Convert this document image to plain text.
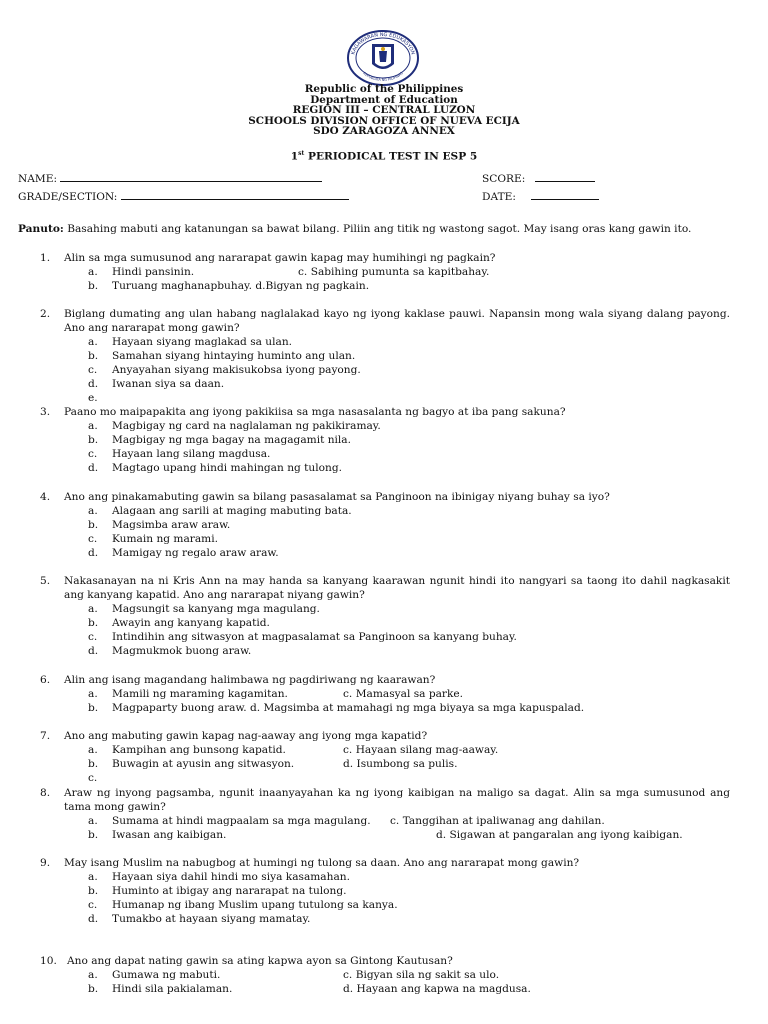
KAGAWARAN NG EDUKASYON
REPUBLIKA NG PILIPINAS
Republic of the Philippines
Department of Education
REGION III – CENTRAL LUZON
SCHOOLS DIVISION OFFICE OF NUEVA ECIJA
SDO ZARAGOZA ANNEX
1st PERIODICAL TEST IN ESP 5
NAME:
GRADE/SECTION:
SCORE:
DATE:
Panuto: Basahing mabuti ang katanungan sa bawat bilang. Piliin ang titik ng wastong sagot. May isang oras kang gawin ito.
1. Alin sa mga sumusunod ang nararapat gawin kapag may humihingi ng pagkain?
a. Hindi pansinin.	c. Sabihing pumunta sa kapitbahay.
b. Turuang maghanapbuhay. d.Bigyan ng pagkain.
2. Biglang dumating ang ulan habang naglalakad kayo ng iyong kaklase pauwi. Napansin mong wala siyang dalang payong. Ano ang nararapat mong gawin?
a. Hayaan siyang maglakad sa ulan.
b. Samahan siyang hintaying huminto ang ulan.
c. Anyayahan siyang makisukobsa iyong payong.
d. Iwanan siya sa daan.
e.
3. Paano mo maipapakita ang iyong pakikiisa sa mga nasasalanta ng bagyo at iba pang sakuna?
a. Magbigay ng card na naglalaman ng pakikiramay.
b. Magbigay ng mga bagay na magagamit nila.
c. Hayaan lang silang magdusa.
d. Magtago upang hindi mahingan ng tulong.
4. Ano ang pinakamabuting gawin sa bilang pasasalamat sa Panginoon na ibinigay niyang buhay sa iyo?
a. Alagaan ang sarili at maging mabuting bata.
b. Magsimba araw araw.
c. Kumain ng marami.
d. Mamigay ng regalo araw araw.
5. Nakasanayan na ni Kris Ann na may handa sa kanyang kaarawan ngunit hindi ito nangyari sa taong ito dahil nagkasakit ang kanyang kapatid. Ano ang nararapat niyang gawin?
a. Magsungit sa kanyang mga magulang.
b. Awayin ang kanyang kapatid.
c. Intindihin ang sitwasyon at magpasalamat sa Panginoon sa kanyang buhay.
d. Magmukmok buong araw.
6. Alin ang isang magandang halimbawa ng pagdiriwang ng kaarawan?
a. Mamili ng maraming kagamitan.	c. Mamasyal sa parke.
b. Magpaparty buong araw. d. Magsimba at mamahagi ng mga biyaya sa mga kapuspalad.
7. Ano ang mabuting gawin kapag nag-aaway ang iyong mga kapatid?
a. Kampihan ang bunsong kapatid.	c. Hayaan silang mag-aaway.
b. Buwagin at ayusin ang sitwasyon.	d. Isumbong sa pulis.
c.
8. Araw ng inyong pagsamba, ngunit inaanyayahan ka ng iyong kaibigan na maligo sa dagat. Alin sa mga sumusunod ang tama mong gawin?
a. Sumama at hindi magpaalam sa mga magulang. c. Tanggihan at ipaliwanag ang dahilan.
b. Iwasan ang kaibigan.	d. Sigawan at pangaralan ang iyong kaibigan.
9. May isang Muslim na nabugbog at humingi ng tulong sa daan. Ano ang nararapat mong gawin?
a. Hayaan siya dahil hindi mo siya kasamahan.
b. Huminto at ibigay ang nararapat na tulong.
c. Humanap ng ibang Muslim upang tutulong sa kanya.
d. Tumakbo at hayaan siyang mamatay.
10. Ano ang dapat nating gawin sa ating kapwa ayon sa Gintong Kautusan?
a. Gumawa ng mabuti.	c. Bigyan sila ng sakit sa ulo.
b. Hindi sila pakialaman.	d. Hayaan ang kapwa na magdusa.
